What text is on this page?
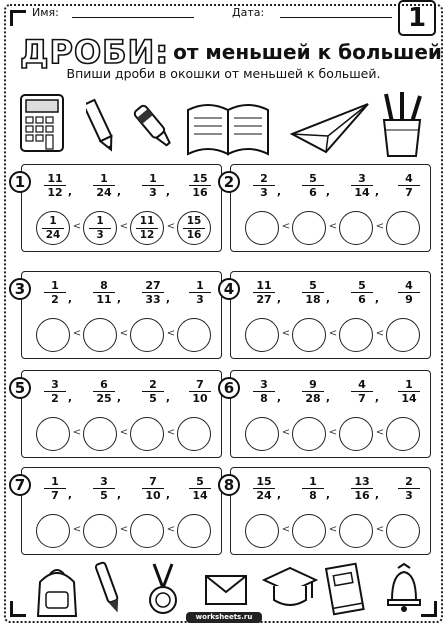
Имя:	Дата:	1
ДРОБИ: от меньшей к большей
Впиши дроби в окошки от меньшей к большей.
1	11
12 ,
1
24 ,
1
3 ,
15
16
1
24
1
3
11
12
15
16
<	<	<
2	2
3 ,
5
6 ,
3
14 ,
4
7
<	<	<
3	1
2 ,
8
11 ,
27
33 ,
1
3
<	<	<
4	11
27 ,
5
18 ,
5
6 ,
4
9
<	<	<
5	3
2 ,
6
25 ,
2
5 ,
7
10
<	<	<
6	3
8 ,
9
28 ,
4
7 ,
1
14
<	<	<
7	1
7 ,
3
5 ,
7
10 ,
5
14
<	<	<
8	15
24 ,
1
8 ,
13
16 ,
2
3
<	<	<
worksheets.ru
